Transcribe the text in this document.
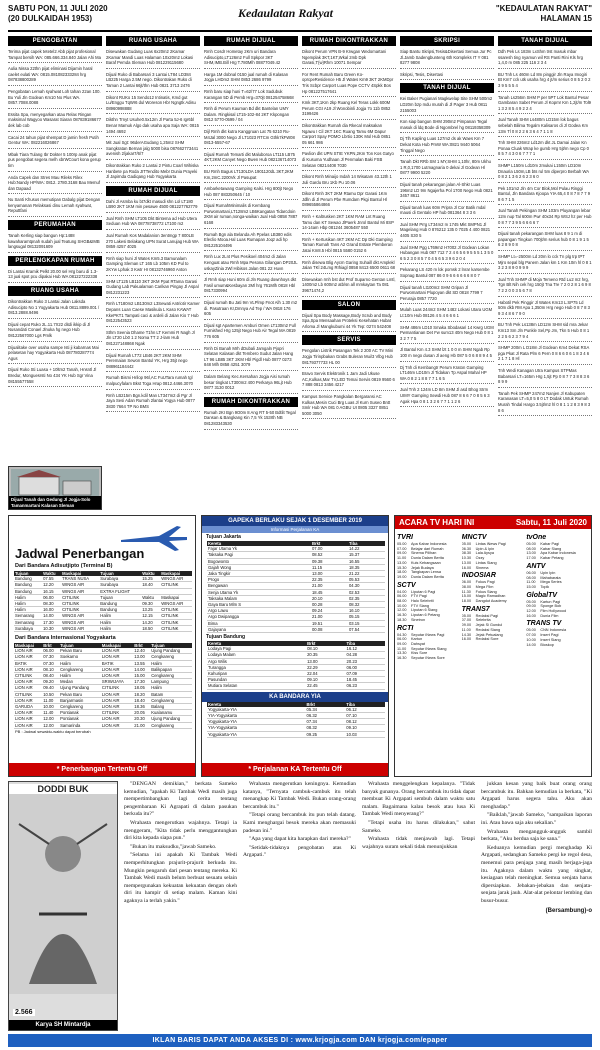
SABTU PON, 11 JULI 2020
(20 DULKAIDAH 1953)	Kedaulatan Rakyat	"KEDAULATAN RAKYAT"
HALAMAN 15
PENGOBATAN
Terima pijat capek tetetel2 Abb pijat profesional Tampat bersih WA: 085.666.334.840 Jalan Ahi Ma
Aulia Nissa 22thn pijat eliminasi Dijamin haral caelet eulati WA: 0815.081082333284 hrg 087838800289
Pengobatan Lemah syahwat Loh tahan 22an 100. Bu Yuli Jln Godean Km10 No Plus WA. 0857.7088.0088
Essita Spa, menyegarkan atau Relax Ringan maksimal Wagyoo Wasarat Siaran 087839186677 dek lab cob
Cacai 24 tahun pijat shempat D jamin fresh Putih Gentur WA: 082216026867
Mbak Tiara Tulang Ibr Dokter 5 100rp anak pijat pus pengobat segera melh xbrWCourt kona gerup tim
Anda Capek dan Stres Mau Rileks Rilex Hub:Nandy HP/WA: 0812. 2780.3168 Bau Memuf dan Dapaad
Nu Santi Khusus memutipan Dabalg pijat Dengan kenyamanan Relaksasi dinu Lemah syahwat, Reputtfani
PERUMAHAN
Tanah Kerling siap bangun Hp:1488 kawaharamtpnah sudah jual Teatung SHGB&IMB langsugal 08132091609
PERLENGKAPAN RUMAH
Di Lantai Kramik Pelkt 20.00 sel Hrg baru di 1.3-13 jual spot pcu dipakai Hub WA 081227222338
RUANG USAHA
Dikontrakkan Ruko 3 Lantai Jalan Laksda Adisucipto No 1 Yogyakarta Hub 0811.8899.001 / 0813.2888.9496
Dijual cepat Ruko 2L.11.7X22 ditdi ikkip di Jl Nusandati Conael Jlnuka hg nego Hub 08122567000 Lgs Pmlk
Dijualitake over usaha sampe Isti ji kabarnas Mai pelasetan hay Yogyakarta Hub 087780287774 Agus
Dijual Ruko Sti Luasa + 10ltm2 Tanah, Hnsntl Jl Bredur, Monguesrsti No 434 YK Hub Sgr Vina 08155577558
Dijual Tanah dan Gedung Jl Jogja-Solo Tamanmartani Kalasan Sleman
RUANG USAHA
Disewakan Gudang Luas 6x20m2 2Kamar 2Kamar Mandi Luas Halaman 10x20m2 Lokasi Baraf Pemda Sleman Hub 081229115680
Dijual Ruko di Babarsari 3 Lantai LT84 LD384 LB225 Harga 2.5M nego. Dikontrakan Ruko di Taman 2 Lantai 66jt/thn Hub 0821 3713 2476
Dikont RUKo 15 Sendo12 Intinatis, Kmd gut Lu/Enggu TqWr6 dul Woreson Hbr Ngngtk Adisu 08960998888
Dikthn Trnyt Usuhe0.5x12m Jl Parta 5J-6 Igr6bl Benar Mamuk Algo dak usaha apa Saja WA: 0815 1494 4692
Mit Jual Sgt: 96derAGudang 1,25m2 SHM Sangkratan Bernan jalg 5000 bisa 087662773441 avenish 2/jakar7/6/7
Dikontrakkan Ruko 2 Lantai 2 Pintu Coarl Wihiska Hanbete pa Roda JITTendito Mebr Dunia Prayeki Jl Japirnda Gadiqang Hub Yogyakarta
RUMAH DIJUAL
Dahi Jl Asmba ku bt7dkt masudi shn Lol LT180 LB90 2KT 1KM min pesawe 4500 081227762779
Jual Rmh SHM LT105 Dkt Bintema ad Hub Utera Seduan Hub WA 08778738772 LT100 m2
Jual Rumah Kos Madalanion 3entmgp 7 800LB 270 Lakesi Belakang UPN Surat Lanujag Hub WA 0859 4257 4025
Rmh siap huni Jl Wates Km5.3 Bamunalam Gamping Sleman LT 165 Lb 105m KD Pul to 2KYw Lphak 3 Kwtr Hr 08132746960 Anton
SHM LT125 LB110 3KT 2KM Ppat RTama Garasi Gudang Lab Pakualaman Carikan Pingay Jl Aspal 0812231223
Rmh LT180m2 LB130m2 L3Sewati Antriotir Kamer Depans Luan Caese Masikula L Kaso KAWAT KkePKT1 Tampati caci & ardeli di Jalan Kio 7 Hub 08122543523
Sthm Seenia Dhame T1hn LT Kemmi R Nagh Jl Jln LT20 Lb0 1 2 Noma TT 2 J-lam Hub 081227148868 Ngak
Dijual Rumah LT72 LB46 2KT 2KM SHM Peremaian Sewon Bantul YK, Hrg 35jt nego 088961184442
Rumah Bismi Hrilop 96l,AC FuUTara rumah tgl malpucyfalam Bkst Toga Hrap 0812.4466.3070
Rmh LB215m Bgn.kdil Man LT347m2 di Pgr Jl Jaya Sesi Adan Rumah 2lantai Yogya Hub 0877 3830 7664 TP No BMS
RUMAH DIJUAL
Rmh Cosdr Hometay 2Km uri Bandara Adisucipto,LT126m2 Full Spkpor 3KT SHM,IMB.Bill Hrg T.780Mlh 08877049.42
Harga 1M dobnal 0150 jual rumah di Kalasan Jogja LHDm2 SHM 0853 2686 9799
Rmh baru siap huni T=62/77 Lok Sadubuk Karangan 5D di Pemb Hrg=370jt 081254758668
Rmh di Perum Kauman Bd dkt Bantelan UMY Dalam. Ringkisal LT15-102-84 2KT Kkpongan 0812 5770-0599 / 04
Dijl Rmh dkt kutra Kanggruan Lat 75 6210 Ru-M4Jal 3000 Nego Jl LT1023 RTCm Gthk7kFW08 0813-5557-67
Dijual Rumah Temarti dkt Maluboroa LT115 LB75 4KT,2KM Canyet Nego Bwen Hub 082136714073
BU Rmh Bagus LT130LDA 1901120dL 3KT,2KM Km,2mC.2200Vk Jl Pasupat
Ambarketawang Gamping Kalsi. Hrg 800jt Nego Hub 087 883250645 / 10
Dijual RumahMinimalis di Kembang Purwomartani,LT128m2 LB6Kangatan Tidarcdoin 2KM air ruman,nonga-waikan Jual Hub 0858 7887 6168
Rumah Bgn ala Belanda Ah Ppelas LB380 edis Eleclio Mooa.Hal Luas Rumapan Joqz adi hp 081225104496
Rmh Lux 2Lnt Plus Pesikoel 404m2 di Jalan Kenguat atau Rmh Mpa Pesona Gilangan DP20JL uskayZinia 2Wl Hibisos Jalan 081 22 Huvn
Jl Rmh siap Huni 60m di Jln Ruang downhoys dkt Fasil umum&Kesbayan 2Ml hrg 761Mlh 0818 Hbl 0817330994
Dijual rumah Bu Jati 9m VLPlmp Fnot Alh 1.30 m2 di. Pasutraan Kr,Dmnya Ad Tep / WA 0818 176 605
Dijual sgt Apartemen Amburi Omen LT130m2 Full Furnished Hrg 125jt Nego Hub Air Tegal MA 0819 776 605
Rmh Di Banah Mrh dDubali Jamgaln Pjopri Selatan Kalasan dkt Tembero Sudut Jalan Hang LT 96 LB85 3KT 2KM Hbl Pigdl Hub 0877 0273 848 Mlh 0858 4251 3079
Dalam Belang Kec.Kersahan Jogja Aisi rumah besar tingkat LT300m2 400 Perkarya 96Ljt Hub 0877 3130 0012
RUMAH DIKONTRAKKAN
Rumah 2KI Bgn 9O0m 8 Ang RT 5-50 Bdtlit Tegal Dansan & Bangkang Kin 7,5 Yk 153rth NB 081283343530
RUMAH DIKONTRAKKAN
Dikont Perum VPN B-9 Krwgan Wedomartani Ngemplak 3KT,1KT,Wkal 2mb Dpk Garasi,T(w)Rhm 10071 Sempar
For Rent Rumah Baru Green Ko-oprcpeResidence H5 Jl Wates Km9 3KT 2KMDpr Tris Scbpr Carport Luas Pope CCTV 4Spkk Bos Hp 081227517641
Kmk 3KT,1Km 2kp Ruang Kel Teras Lokk 600M Perum CGI A19 Jl Wonobinli Jogja 7o 11b 0852 3199426
Dikontrakkan Rumah dia Rkecal maksakan Ngawu I Cil 2KT 1KC Ruang Tamu 6M Dapur Carport Spay POMO Lbrtio 130K Mol Hub 0851 05 661 986
Pavlion dkt UPN STIE YKPN,2Km Ton Kos Gatyo di Kusuma Yudhaan Jl Penmalan Baki FSB Selatan 08214408 7030
Dikont Rmh Minaijo Indah 14 Wisatam 43.12th 1 Juli Gardu Bru 1Kb Pu 10.06
Dikont Rmh 3KT 2KM Rtamu Dpr Garasi 1Km Jdlln di Jl Perum Pbe Rumdam Pkgi Bantul Hl 089655864866
Rmh + Kaltrusken 2KT 1KM RAM Lnt Ruang Tamu dan KT Sewao JlPaerk Jnrol Bantul Mi 8SP 14-14am Hbp 081244 3605487 550
Rmh + Kertusikan 4KT 2KM AC Dp Dki Gamping Taman Rumah Tans A2 Grand Estate Plemberan Jatai Km8.5 Hbl 0815 5580 0152 6
Rmh disewa Blig Aycm Garing Suhaill dkt Amplekl Jalan TKl 24Lmg RIhiagl 0858 8413 6500 0611 68
Disewakan rmh bst dut Prof Suparno Gentan Lmtl, 1400m2 Lb 600m2 atb/sn all mmkaytan Ta 081 39671474,2
SALON
Dijual Spa Body Massage,Body Scrub and Body Spa,Spa Mensaahan Proteksi Kesehatan Hubat Arloma Jl Mangkubumi 44 Yk Tep: 0274 542408
SERVIS
Pengolan Listrik Pasangan Tek 2 200 AC TV Mini Jogja Tirinpbakan Grabs Buleran Mui/3 Vlbg Hub 08179377733 HL 00
Bravo Servis Elektronik 1 Jam Jadi Ukuse AC,Kulkas,Mar TV,LED Temai Servis 0819 9560 6 7 888 0813 3456 4217
Kampus Service Pangkalan Bergaransi AC Kulkas,Mesin Cuci Brg Luas Jl Kurn Suseo Bntt Smlr Hub WA 081 0 AGBU UI 0805 3327 0851 5000 3050
SKRIPSI
Siap Bantu Skripsi,Tesis&Disertasi Semua Jur Pc Jl.Jamb Sadengbunteng 6th Kompleks IT Y 081 8277 9808
Skripsi, Tesis, Disertasi
TANAH DIJUAL
Kei Baker Pugianari Magkwelap Site SHM 500m2 LD20m bzp mdu murah di Jl Pager 3 Hub 0811 2155003
Kon siap bangun SHM 290m2 Pimpanan Tegal masuk di ldq Bode di Ngombrel hg 08119358309
Dj Tlh Kapling Luas 127m2 ds ak Waes Km 7 Dekat Kota Hub PmW WA:0821 9440 5064 Tinggal Nego
Tanah Dkt RRb SM 1 MY,SHM 1,10hr, 80m Ukhu 1 R,0,1700 Lutmagnaria 0 dekai Jl Godean Hl 0877 9900 5220
Dijual tanah pekarangan jalan Al-Shkr Luas 196m2 LD 9m Ngajerha Pol 1700 Nego Hub 0821 3457 8611
Dijual tanah luas 60m Pripra Jl Cor Batik mdal mausi di Gentalo HP hub 081364 8 3 3 6
Jual SHM Prrg LT34m2 m 1745 Mkt SMPN1 Jl Magelang Hub 0 876212 135 0 7025 4 400 0821 4405 S30 5
Jual SHM Pgg LT69m2 H7002 Jl Godean Lokan Hubangan Hub 087 712 7 2 4 6 5 6 9 5 5 5 1 3 5 0 6 5 2 3 0 8 5 7 0 4 5 6 5 3 9 6 2 0 4
Pekarang LS 420 m lok pomsk 2 lnrar karsembe Sopnag Bantul 087 86 0 9 6 6 6 6 6 6 8 0 7
Dijual tanah Lt100m2 SHM Gripan Jl Purwomartani Plupoyan dkt SD 0818 7799 7 Peruraja 0857 7720
Mulah Luas 244m2 SHM 1482 Lokasi Utara UGM Lt:10m Hub 08126 4 5 4 6 6 6 1
SHM 486m LD10 Smaka Sbodasari 14 Kwrg UGM Pwmantianan Det Fw sum13 40m Nego Hub 0 8 1 3 2 7 7 5
Jl Bantul Km 4.3 SHM lzt 1 0 0 m SHM Ngab Rp 100 m nego dusan Jl aeng Hb 087 5 0 6 8 8 9 4 5
Dj Tnh di Kembangtr Perum Kraton Gamping LT146m LD10m Jl Tidakan Tp Aspal Mahal HP WA 0 8 2 1 8 8 7 7 1 6 5
Jual Tnh 2 124m LD 8m SHM Jl asd Bhog Strm UIMY Gamping Sewdi Hub 087 8 6 6 7 0 8 5 6 3 Agak Hpa 0 8 1 3 2 6 7 7 1 1 2 6
TANAH DIJUAL
Ddh Pek Ls 183m LxShm trst masuk mbar ssaresh ting nyamun wil RS Panti Rini Kls hrg 1,4,0 m 085 225 116 2 3 4
BU Tnh Ls 460m Ld 8m pinggir Jln Raya Imogiri Bt Km7 cck utk usaha hrg 4 jt/m serius 0 8 5 2 0 2 3 9 5 5 5 4
Tanah Ls256m SHM P per 5PT Lok Bantul Pesar Gambaran Sabet Perum Jl Kopmr Km 1,2jt/m Tol9 1 3 2 8 5 4 9 2 2 4
Jual Tanah SHM Ls480m LD15m lok bagus sebelah Bilima Tegalm Kalisaros di Jl Godea Km 13m Tl 0 8 2 2 6 3 6 4 7 1 1 8
Tnh SHM 226m2 Ld12m dkt JL Damai Jalan Kn Ponaa Cluak Wrap ke gumb Hrg 5jt/m nego Cp 0 8 5 7 4 3 0 6 7 7 7 1
SHMP L150m Ld10m 2mukai L150m LD10m Dnauria L50m,LB bts rul 5m diperpro Berbah WA 0 8 2 1 3 6 2 6 2 3 6 0
Pek 101m2 Jln 4m Cor Blok,Mol Pulau Ringgi Bantul, Jln Bandara Kjoopa YIA 65,4 0 8 7 8 7 7 9 8 6 7 1 5
Jual Tanah Pekingan SHM 103m Pluyangan lebar 12m nup Tal 600m Pwr 40x34 Rp WSJ hz per Hub 0 8 7 7 3 9 5 6 6 6 6 7
Dijual tanah pekarangan SHM luas 8 9 1 m di papangan Tingkun 700jt/m serius hub 0 8 1 9 1 5 6 2 8 9 0 8
SHMP Lt=-2500m Ld 20m lo cck Tn plg trp tPT Mjro sepal blg Panem Jalan km 1 Km 10m hl 0 8 1 3 2 3 8 9 0 9 9 9
Jual Tnh SHMP di Moja Temeno Rtd Lu2 m2 hrg, Tgn Blt Nih cek hrg 150jt Tna Tre 7 2 0 2 8 1 6 9 8 7 2 2 0 0 3 5 6 7 8
Habotil Pek Pinggir Jl Wates Km13 L.SP75 Ld 50m dkb RM Apa 1,350m Hrg nego Hub 0 8 7 8 3 9 3 4 8 6 7 9 0
BU Tnh Pek Ls138m LD12m SHM sid mra Jekar Km13 Sm Jln Punkle Sel,Pp Jm, Tkn 5 Hub 0 8 1 2 2 5 6 2 3 7 9 4
SHMP 200m L D18m Jl Godean Km4 Dekat RSA pga Pkat Jl Rata Plm 6 Pern 0 8 6 6 0 6 1 8 3 4 6 2 1 7 1 8 Hl
Tnh Wedi Kanagan Utra Kampus STPMas Babarsari LT=165m Hrg 1,5jt Pp 0 8 7 7 3 8 8 3 6 8 9 9
Tanah Pek SHMP 247m2 Nanjen Jl Kabupaten Karanasan LT=5,0 5 8 0 LT Dodak Untuk Rumah Murah Tindal Hargo 3.5jt/m2 hl 0 8 1 1 2 8 3 9 8 3 8 6
Jadwal Penerbangan
Dari Bandara Adisutjipto (Terminal B)
Tujuan	Waktu	Maskapai	Tujuan	Waktu	Maskapai
Bandung	07.55	TRANS NUSA	Surabaya	15.25	WINGS AIR
Bandung	12.20	WINGS AIR	Surabaya	18.40	CITILINK
Bandung	16.15	WINGS AIR	EXTRA FLIGHT		
Halim	06.00	CITILINK	Tujuan	Waktu	Maskapai
Halim	08.30	CITILINK	Bandung	09.30	WINGS AIR
Halim	16.00	CITILINK	Bandung	13.25	CITILINK
Semarang	14.00	WINGS AIR	Halim	12.15	CITILINK
Semarang	17.30	WINGS AIR	Halim	14.20	CITILINK
Surabaya	10.30	WINGS AIR	Halim	18.50	CITILINK
Dari Bandara Internasional Yogyakarta
Maskapai	Brkt	Tujuan	Maskapai	Brkt	Tujuan
LION AIR	06.00	Pekan Baru	LION AIR	12.40	Ujung Pandang
LION AIR	07.30	Soekarno	LION AIR	13.00	Cengkareng
BATIK	07.30	Halim	BATIK	13.55	Halim
LION AIR	08.10	Cengkareng	LION AIR	14.00	Balikpapan
CITILINK	08.40	Halim	LION AIR	15.00	Cengkareng
LION AIR	09.20	Medan	SRIWIJAYA	17.30	Lampung
LION AIR	09.40	Ujung Pandang	CITILINK	18.05	Halim
CITILINK	10.50	Pekan Baru	LION AIR	18.20	Batam
LION AIR	11.00	Banjarmasin	LION AIR	18.40	Cengkareng
GARUDA	10.00	Cengkareng	LION AIR	18.36	Balang
LION AIR	11.40	Pontianak	CITILINK	20.05	Kualanamu
LION AIR	12.00	Pontianak	LION AIR	20.30	Ujung Pandang
LION AIR	12.00	Samarinda	LION AIR	21.00	Cengkareng
PB : Jadwal sewaktu-waktu dapat berubah
* Penerbangan Tertentu Off
GAPEKA BERLAKU SEJAK 1 DESEMBER 2019
Informasi Perjalanan KA
Tujuan Jakarta
Kereta	Brkt	Tiba
Fajar Utama Yk	07.00	14.22
Taksaka Pagi	08.52	15.37
Bogowonto	09.38	16.55
Gajah Wong	11.15	18.35
Jaka Tingkir	13.00	21.22
Progo	22.35	05.53
Bengawan	21.00	04.30
Senja Utama Yk	18.45	02.53
Taksaka Malam	20.10	02.35
Gaya Baru Mlm S	00.28	08.32
Argo Lawu	09.24	16.10
Argo Dwipangga	21.00	05.15
Bima	19.51	03.15
Gajayana	00.08	07.54
Tujuan Bandung
Kereta	Brkt	Tiba
Lodaya Pagi	08.10	16.12
Lodaya Malam	20.35	04.28
Argo Wilis	13.00	20.23
Turangga	22.29	06.00
Kahuripan	22.04	07.09
Pasundan	09.10	18.45
Mutiara Selatan	22.45	06.23
KA BANDARA YIA
Kereta	Brkt	Tiba
Yogyakarta-YIA	05.34	06.12
YIA-Yogyakarta	06.32	07.10
Yogyakarta-YIA	07.34	08.12
YIA-Yogyakarta	08.32	09.10
Yogyakarta-YIA	09.25	10.03
* Perjalanan KA Tertentu Off
ACARA TV HARI INI	Sabtu, 11 Juli 2020
TVRI
05.00 Apa Kabar Indonesia
07.00 Belajar dari Rumah
09.00 Sinema Pilihan
11.00 Dunia Dalam Berita
13.00 Kuis Kebangsaan
15.30 Jejak Budaya
18.00 Tangkapan Lensa
19.00 Dunia Dalam Berita
SCTV
04.00 Liputan 6 Pagi
06.00 FTV Pagi
08.00 Halo Selebriti
10.00 FTV Siang
12.00 Liputan 6 Siang
16.30 Liputan 6 Petang
18.30 Sinetron
RCTI
04.30 Seputar iNews Pagi
06.00 Kartun
09.00 Dahsyat
11.00 Seputar iNews Siang
13.30 Kiss Sore
16.30 Seputar iNews Sore
MNCTV
05.00 Lintas iNews Pagi
06.30 Upin & Ipin
08.30 Lala Aysya
10.30 Ozzy
13.00 Lintas Siang
16.00 Sinema
INDOSIAR
06.00 Fokus Pagi
08.00 Mega Film
11.30 Fokus Siang
15.00 Magic Ramadhan
18.00 Dangdut Academy
TRANS7
05.00 Redaksi Pagi
07.00 Selebrita
09.00 Jejak Si Gundul
11.00 Redaksi Siang
14.30 Jejak Petualang
16.00 Redaksi Sore
tvOne
05.00 Kabar Pagi
08.00 Kabar Siang
13.00 Apa Kabar Indonesia
17.00 Kabar Petang
ANTV
06.00 Upin Ipin
08.00 Mahabarata
11.00 Mega Series
15.00 Topik
GlobalTV
05.00 Kartun Pagi
09.00 Sponge Bob
12.00 Film Hollywood
16.00 Dunia Film
TRANS TV
05.00 CNN Indonesia
07.00 Insert Pagi
10.00 Insert Siang
14.00 Bioskop
DODDI BUK
2.566
Karya SH Mintardja

"DENGAN demikian," berkata Sameko kemudian, "apakah Ki Tambak Wedi masih juga mempertimbangkan lagi cerita tentang pengembaraan Ki Agrapati di dalam pasukan berkuda itu?"

Wrahasta mengerutkan wajahnya. Tetapi ia menggeram, "Kita tidak perlu menggantungkan diri kita kepada siapa pun."

"Bukan itu maksudku,"jawab Sameko.

"Selama ini apakah Ki Tambak Wedi memperhitungkan prajurit-prajurit berkuda itu. Mungkin pengaruh dari pesan tentang mereka. Ki Tambak Wedi masih belum berbuat sesuatu selain mempergunakan kekuatan kekuatan dengan okeh diri itu hampir di setiap malam. Kaman kini agaknya ia terlah yakin."

Wrahasta mengerutkan keningnya. Kemudian katanya, "Ternyata cambuk-cambuk itu telah menangkap Ki Tambak Wedi. Bukan orang-orang bercambuk itu."

"Tetapi orang bercambuk itu pun telah datang. Kami menghargai besok mereka akan memasuki padesan ini."

"Apa yang dapat kita harapkan dari mereka?"

"Setidak-tidaknya pengobatan atas Ki Argapati."

Wrahasta menggelengkan kepalanya. "Tidak banyak gunanya. Orang bercambuk itu tidak dapat membuat Ki Argapati sembuh dalam waktu satu malam. Bagaimana kalau besok atau lusa Ki Tambak Wedi menyerang?"

"Tetapi usaha itu harus dilakukan," sahut Sameko.

Wrahasta tidak menjawab lagi. Tetapi wajahnya suram sekali tidak menunjukkan

jukkan kesan yang baik buat orang orang bercambuk itu. Bahkan kemudian ia berkata, "Ki Argapati harus segera tahu. Aku akan menghadap."

"Baiklah,"jawab Sameko, "sampaikan laporan ini. Atau bawa saja aku sekalian."

Wrahasta mengangguk-angguk sambil berkata, "Aku berdua saja ke sana."

Keduanya kemudian pergi menghadap Ki Argapati, sedangkan Sameko pergi ke regol desa, menemui para penjaga yang masih berjaga-jaga itu. Agaknya dalam waktu yang singkat, kesiagaan telah meningkat. Semua senjata harus dipersiapkan. Jebakan-jebakan dan senjata-senjata jarak jauh. Alat-alat pelontar lembing dan busur-busur.

(Bersambung)-o
IKLAN BARIS DAPAT ANDA AKSES DI : www.krjogja.com DAN krjogja.com/epaper
